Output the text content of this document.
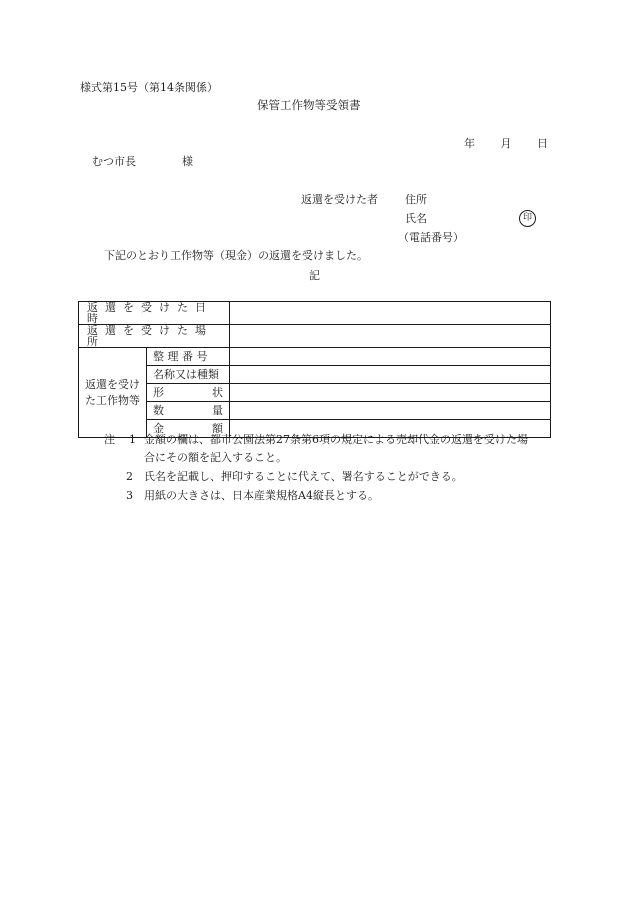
様式第15号（第14条関係）
保管工作物等受領書
年 月 日
むつ市長	様
返還を受けた者 住所
氏名	印
（電話番号）
下記のとおり工作物等（現金）の返還を受けました。
記
返還を受けた日時		
返還を受けた場所		
返還を受け
た工作物等	整 理 番 号	
	名称又は種類	

	形 状	

	数 量	

	金 額	

注 1 金額の欄は、都市公園法第27条第6項の規定による売却代金の返還を受けた場
合にその額を記入すること。
2 氏名を記載し、押印することに代えて、署名することができる。
3 用紙の大きさは、日本産業規格A4縦長とする。
